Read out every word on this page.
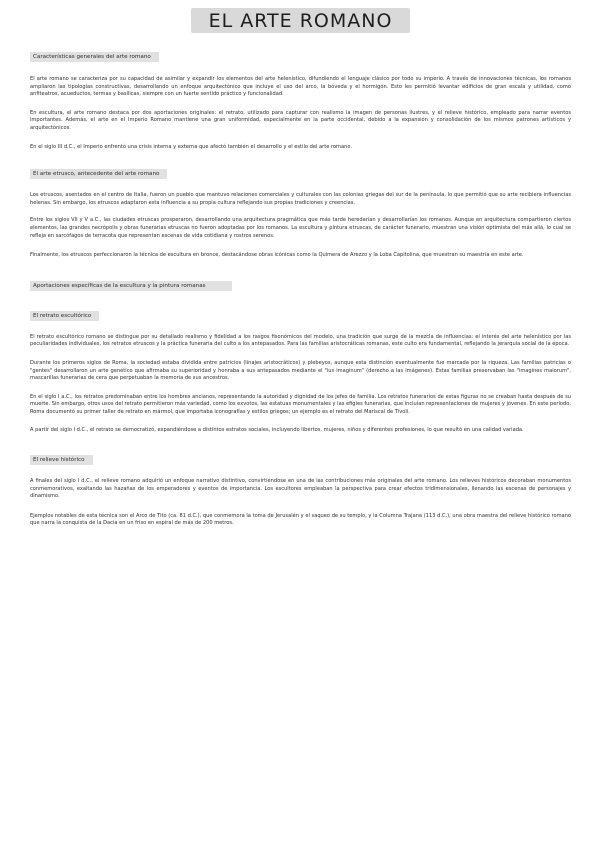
EL ARTE ROMANO
Características generales del arte romano

El arte romano se caracteriza por su capacidad de asimilar y expandir los elementos del arte helenístico, difundiendo el lenguaje clásico por todo su imperio. A través de innovaciones técnicas, los romanos ampliaron las tipologías constructivas, desarrollando un enfoque arquitectónico que incluye el uso del arco, la bóveda y el hormigón. Esto les permitió levantar edificios de gran escala y utilidad, como anfiteatros, acueductos, termas y basílicas, siempre con un fuerte sentido práctico y funcionalidad.

En escultura, el arte romano destaca por dos aportaciones originales: el retrato, utilizado para capturar con realismo la imagen de personas ilustres, y el relieve histórico, empleado para narrar eventos importantes. Además, el arte en el Imperio Romano mantiene una gran uniformidad, especialmente en la parte occidental, debido a la expansión y consolidación de los mismos patrones artísticos y arquitectónicos.

En el siglo III d.C., el Imperio enfrentó una crisis interna y externa que afectó también el desarrollo y el estilo del arte romano.

El arte etrusco, antecedente del arte romano

Los etruscos, asentados en el centro de Italia, fueron un pueblo que mantuvo relaciones comerciales y culturales con las colonias griegas del sur de la península, lo que permitió que su arte recibiera influencias helenas. Sin embargo, los etruscos adaptaron esta influencia a su propia cultura reflejando sus propias tradiciones y creencias.

Entre los siglos VII y V a.C., las ciudades etruscas prosperaron, desarrollando una arquitectura pragmática que más tarde heredarían y desarrollarían los romanos. Aunque en arquitectura compartieron ciertos elementos, las grandes necrópolis y obras funerarias etruscas no fueron adoptadas por los romanos. La escultura y pintura etruscas, de carácter funerario, muestran una visión optimista del más allá, lo cual se refleja en sarcófagos de terracota que representan escenas de vida cotidiana y rostros serenos.

Finalmente, los etruscos perfeccionaron la técnica de escultura en bronce, destacándose obras icónicas como la Quimera de Arezzo y la Loba Capitolina, que muestran su maestría en este arte.

Aportaciones específicas de la escultura y la pintura romanas
El retrato escultórico

El retrato escultórico romano se distingue por su detallado realismo y fidelidad a los rasgos fisonómicos del modelo, una tradición que surge de la mezcla de influencias: el interés del arte helenístico por las peculiaridades individuales, los retratos etruscos y la práctica funeraria del culto a los antepasados. Para las familias aristocráticas romanas, este culto era fundamental, reflejando la jerarquía social de la época.

Durante los primeros siglos de Roma, la sociedad estaba dividida entre patricios (linajes aristocráticos) y plebeyos, aunque esta distinción eventualmente fue marcada por la riqueza. Las familias patricias o "gentes" desarrollaron un arte genético que afirmaba su superioridad y honraba a sus antepasados mediante el "ius imaginum" (derecho a las imágenes). Estas familias preservaban las "imagines maiorum", mascarillas funerarias de cera que perpetuaban la memoria de sus ancestros.

En el siglo I a.C., los retratos predominaban entre los hombres ancianos, representando la autoridad y dignidad de los jefes de familia. Los retratos funerarios de estas figuras no se creaban hasta después de su muerte. Sin embargo, otros usos del retrato permitieron más variedad, como los exvotos, las estatuas monumentales y las efigies funerarias, que incluían representaciones de mujeres y jóvenes. En este periodo, Roma documentó su primer taller de retrato en mármol, que importaba iconografías y estilos griegos; un ejemplo es el retrato del Mariscal de Tívoli.

A partir del siglo I d.C., el retrato se democratizó, expandiéndose a distintos estratos sociales, incluyendo libertos, mujeres, niños y diferentes profesiones, lo que resultó en una calidad variada.

El relieve histórico

A finales del siglo I d.C., el relieve romano adquirió un enfoque narrativo distintivo, convirtiéndose en una de las contribuciones más originales del arte romano. Los relieves históricos decoraban monumentos conmemorativos, exaltando las hazañas de los emperadores y eventos de importancia. Los escultores empleaban la perspectiva para crear efectos tridimensionales, llenando las escenas de personajes y dinamismo.

Ejemplos notables de esta técnica son el Arco de Tito (ca. 81 d.C.), que conmemora la toma de Jerusalén y el saqueo de su templo, y la Columna Trajana (113 d.C.), una obra maestra del relieve histórico romano que narra la conquista de la Dacia en un friso en espiral de más de 200 metros.
